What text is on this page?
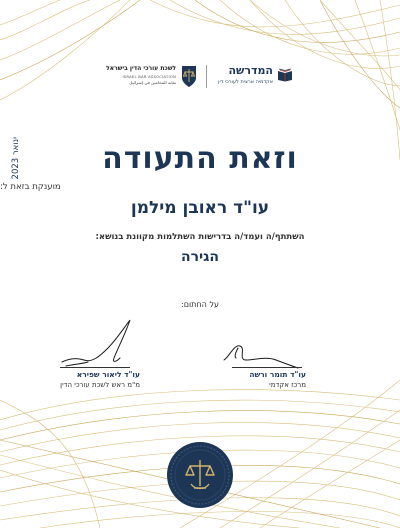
לשכת עורכי הדין בישראל
ISRAEL BAR ASSOCIATION
نقابة المحامين في إسرائيل
המדרשה
אקדמיה ארצית לעורכי דין
ינואר 2023	וזאת התעודה
מוענקת בזאת ל:
עו"ד ראובן מילמן
השתתף/ה ועמד/ה בדרישות השתלמות מקוונת בנושא:
הגירה
על החתום:
עו"ד ליאור שפירא
מ"מ ראש לשכת עורכי הדין
עו"ד תומר ורשה
מרכז אקדמי
